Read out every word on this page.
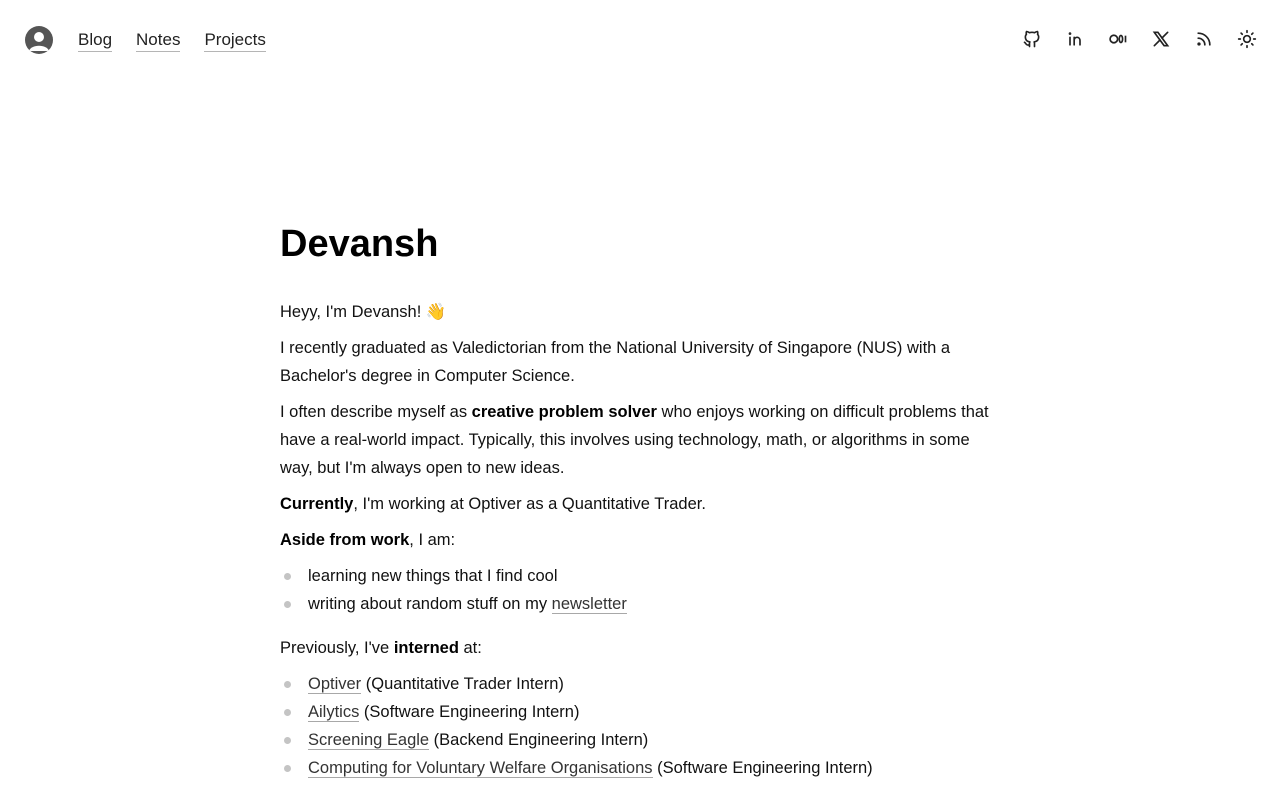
Blog Notes Projects
Devansh

Heyy, I'm Devansh! 👋

I recently graduated as Valedictorian from the National University of Singapore (NUS) with a Bachelor's degree in Computer Science.

I often describe myself as creative problem solver who enjoys working on difficult problems that have a real-world impact. Typically, this involves using technology, math, or algorithms in some way, but I'm always open to new ideas.

Currently, I'm working at Optiver as a Quantitative Trader.

Aside from work, I am:

learning new things that I find cool
writing about random stuff on my newsletter

Previously, I've interned at:

Optiver (Quantitative Trader Intern)
Ailytics (Software Engineering Intern)
Screening Eagle (Backend Engineering Intern)
Computing for Voluntary Welfare Organisations (Software Engineering Intern)
